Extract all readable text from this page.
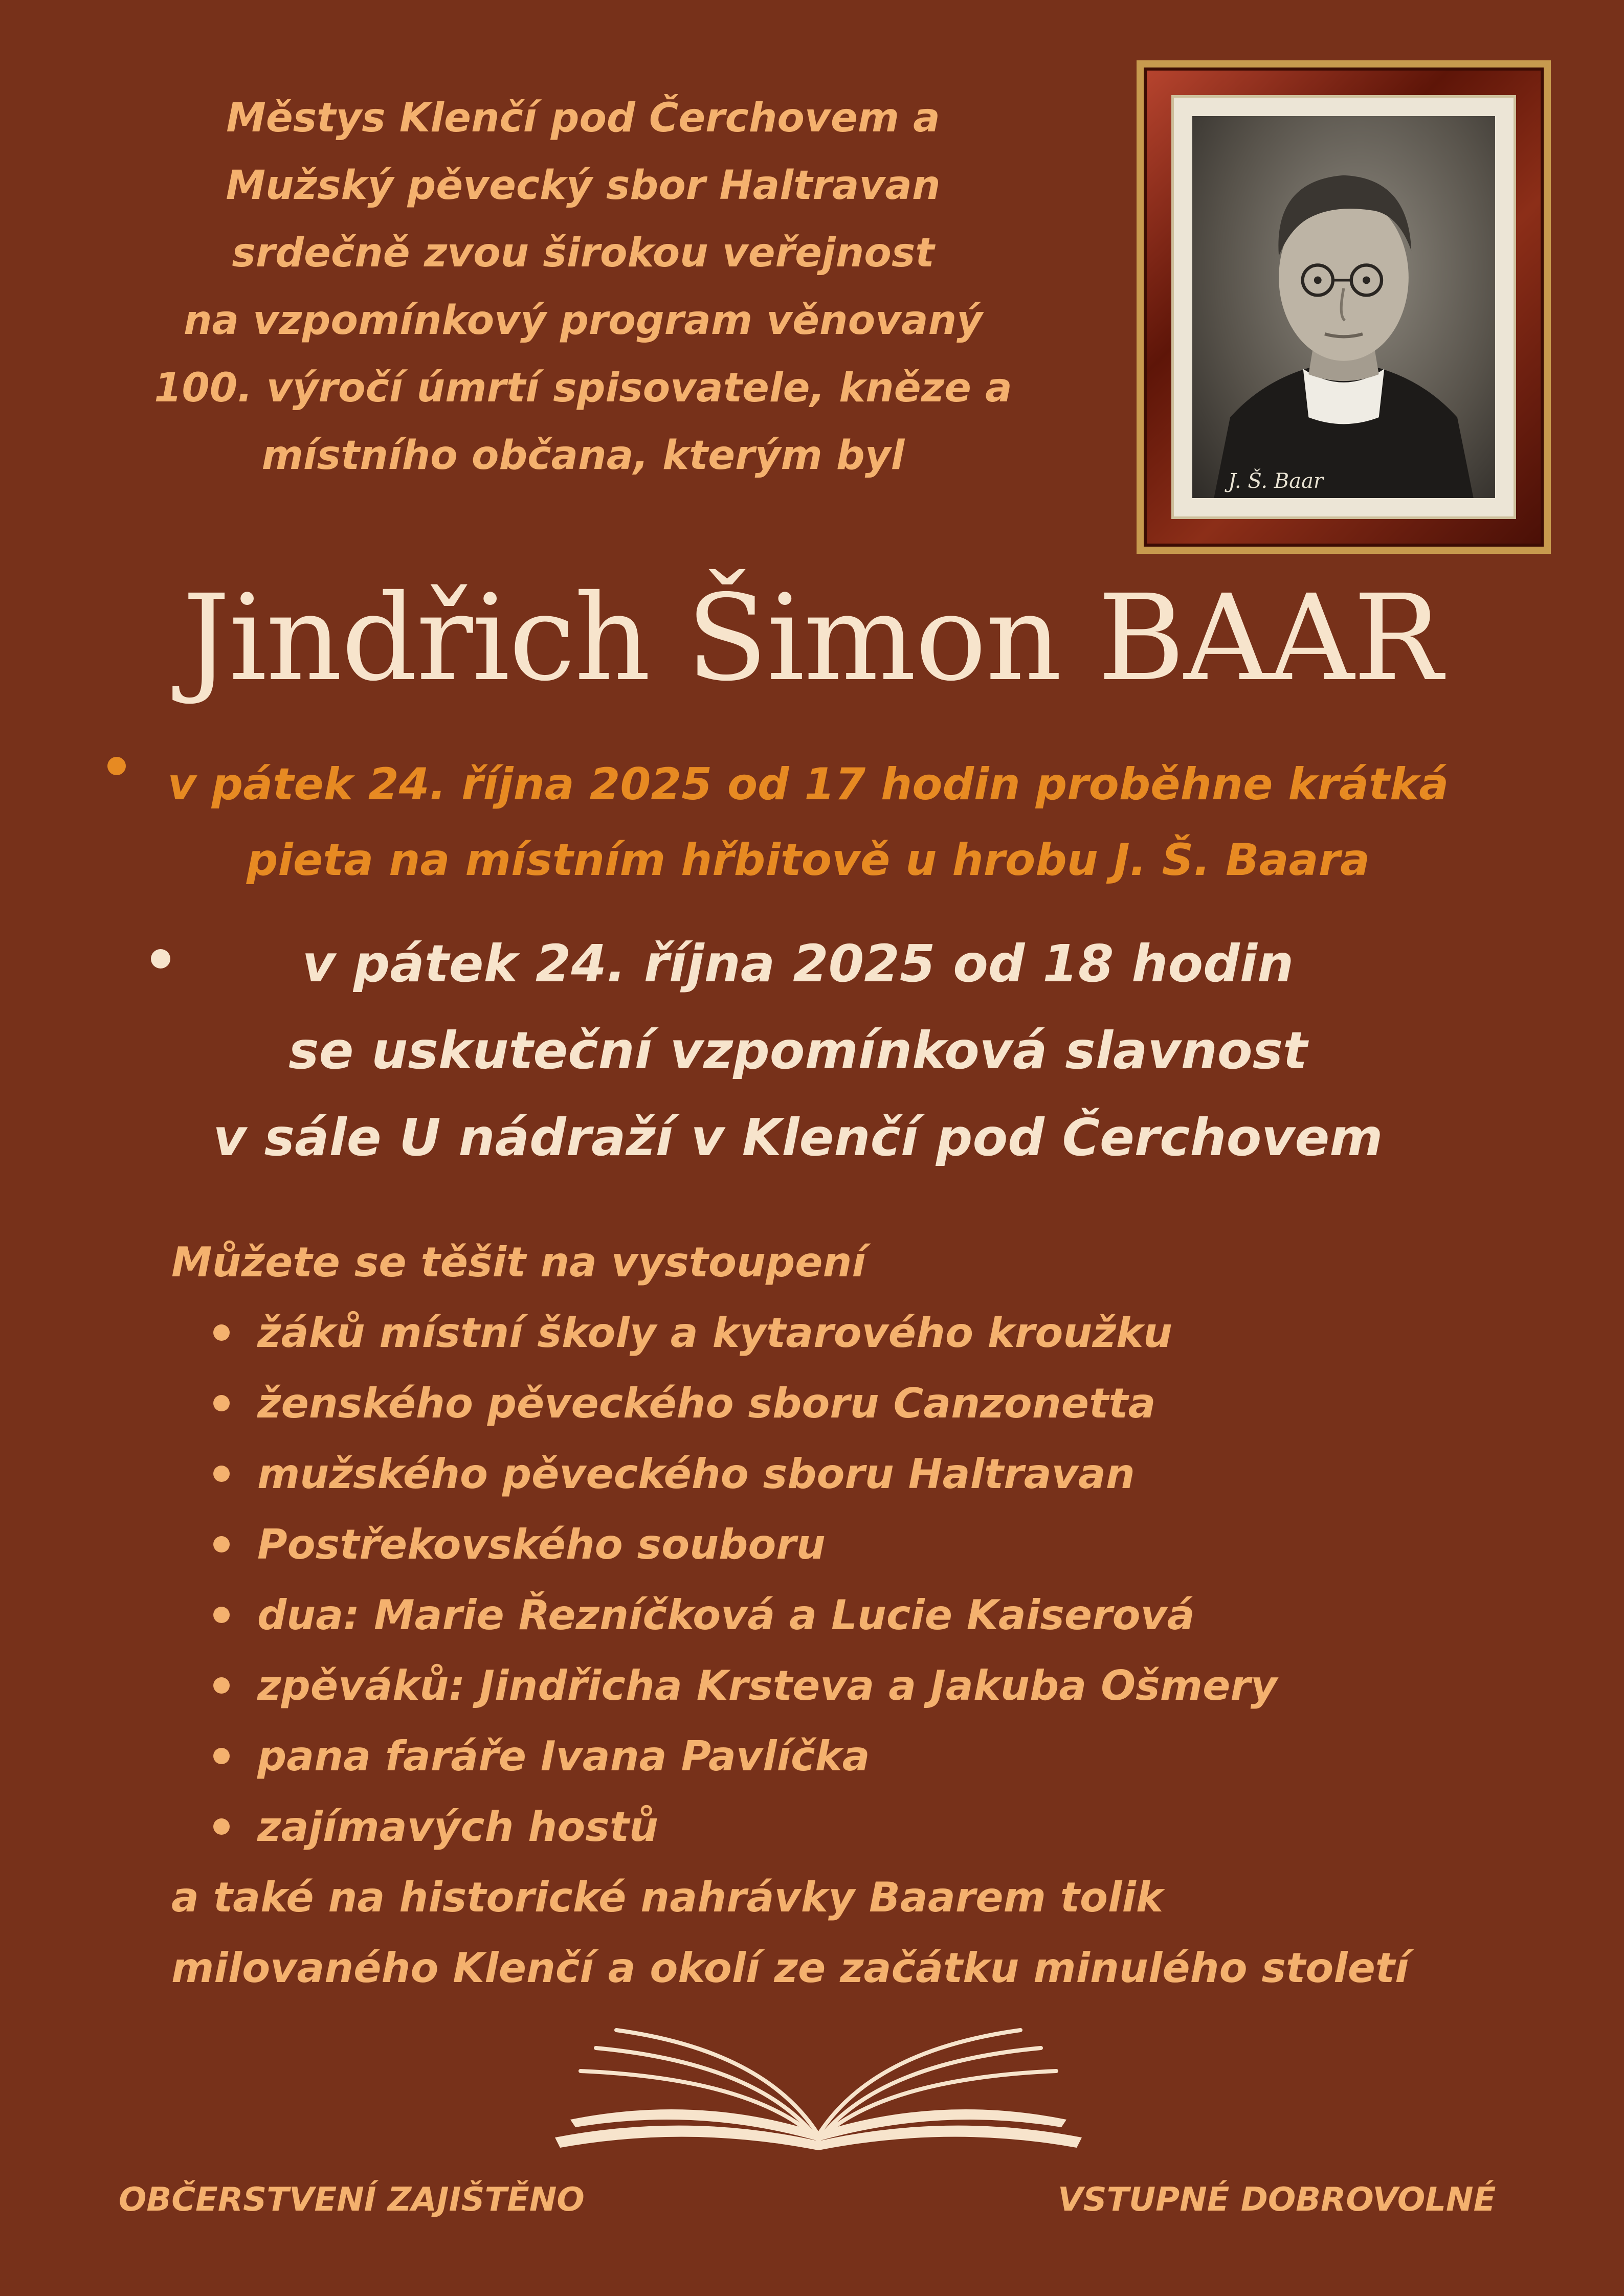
Městys Klenčí pod Čerchovem a
Mužský pěvecký sbor Haltravan
srdečně zvou širokou veřejnost
na vzpomínkový program věnovaný
100. výročí úmrtí spisovatele, kněze a
místního občana, kterým byl
J. Š. Baar
Jindřich Šimon BAAR
v pátek 24. října 2025 od 17 hodin proběhne krátká
pieta na místním hřbitově u hrobu J. Š. Baara
v pátek 24. října 2025 od 18 hodin
se uskuteční vzpomínková slavnost
v sále U nádraží v Klenčí pod Čerchovem
Můžete se těšit na vystoupení
žáků místní školy a kytarového kroužku
ženského pěveckého sboru Canzonetta
mužského pěveckého sboru Haltravan
Postřekovského souboru
dua: Marie Řezníčková a Lucie Kaiserová
zpěváků: Jindřicha Krsteva a Jakuba Ošmery
pana faráře Ivana Pavlíčka
zajímavých hostů
a také na historické nahrávky Baarem tolik
milovaného Klenčí a okolí ze začátku minulého století
OBČERSTVENÍ ZAJIŠTĚNO	VSTUPNÉ DOBROVOLNÉ
